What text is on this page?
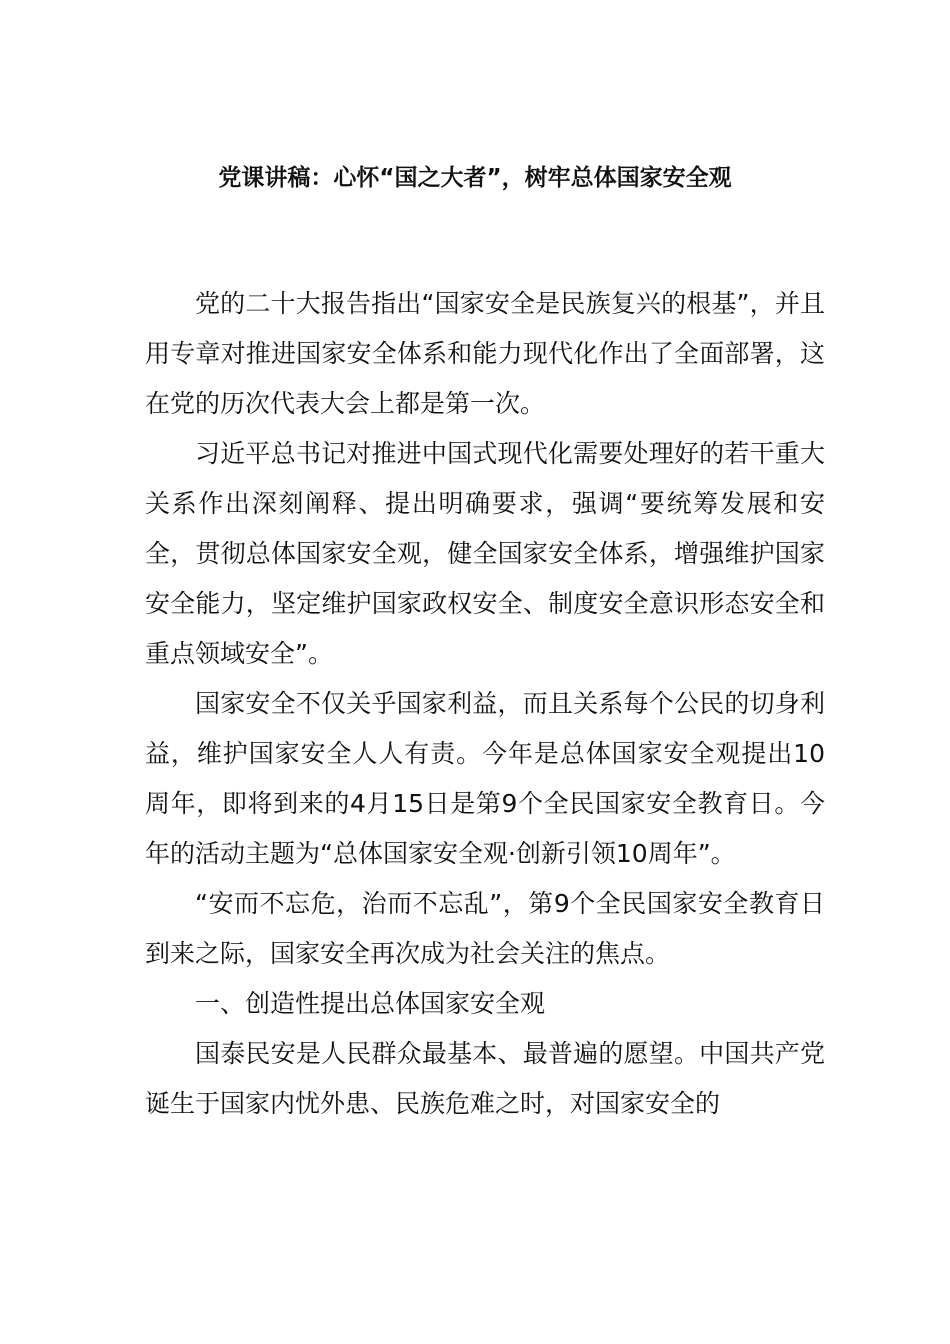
党课讲稿：心怀“国之大者”，树牢总体国家安全观

党的二十大报告指出“国家安全是民族复兴的根基”，并且用专章对推进国家安全体系和能力现代化作出了全面部署，这在党的历次代表大会上都是第一次。

习近平总书记对推进中国式现代化需要处理好的若干重大关系作出深刻阐释、提出明确要求，强调“要统筹发展和安全，贯彻总体国家安全观，健全国家安全体系，增强维护国家安全能力，坚定维护国家政权安全、制度安全意识形态安全和重点领域安全”。

国家安全不仅关乎国家利益，而且关系每个公民的切身利益，维护国家安全人人有责。今年是总体国家安全观提出10周年，即将到来的4月15日是第9个全民国家安全教育日。今年的活动主题为“总体国家安全观·创新引领10周年”。

“安而不忘危，治而不忘乱”，第9个全民国家安全教育日到来之际，国家安全再次成为社会关注的焦点。

一、创造性提出总体国家安全观

国泰民安是人民群众最基本、最普遍的愿望。中国共产党诞生于国家内忧外患、民族危难之时，对国家安全的
